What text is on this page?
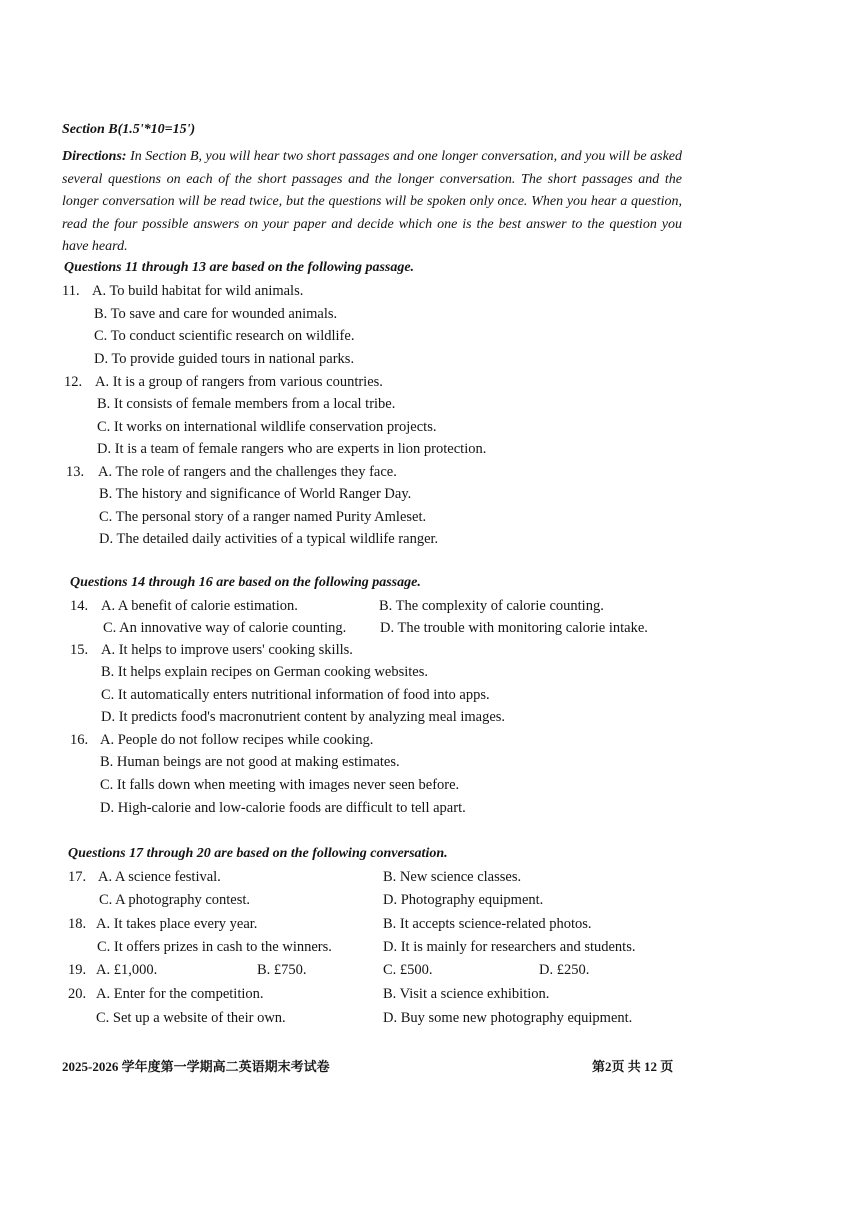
Section B(1.5'*10=15')
Directions: In Section B, you will hear two short passages and one longer conversation, and you will be asked several questions on each of the short passages and the longer conversation. The short passages and the longer conversation will be read twice, but the questions will be spoken only once. When you hear a question, read the four possible answers on your paper and decide which one is the best answer to the question you have heard.
Questions 11 through 13 are based on the following passage.
11. A. To build habitat for wild animals.
B. To save and care for wounded animals.
C. To conduct scientific research on wildlife.
D. To provide guided tours in national parks.
12. A. It is a group of rangers from various countries.
B. It consists of female members from a local tribe.
C. It works on international wildlife conservation projects.
D. It is a team of female rangers who are experts in lion protection.
13. A. The role of rangers and the challenges they face.
B. The history and significance of World Ranger Day.
C. The personal story of a ranger named Purity Amleset.
D. The detailed daily activities of a typical wildlife ranger.
Questions 14 through 16 are based on the following passage.
14. A. A benefit of calorie estimation.	B. The complexity of calorie counting.
C. An innovative way of calorie counting. D. The trouble with monitoring calorie intake.
15. A. It helps to improve users' cooking skills.
B. It helps explain recipes on German cooking websites.
C. It automatically enters nutritional information of food into apps.
D. It predicts food's macronutrient content by analyzing meal images.
16. A. People do not follow recipes while cooking.
B. Human beings are not good at making estimates.
C. It falls down when meeting with images never seen before.
D. High-calorie and low-calorie foods are difficult to tell apart.
Questions 17 through 20 are based on the following conversation.
17. A. A science festival.	B. New science classes.
C. A photography contest.	D. Photography equipment.
18. A. It takes place every year.	B. It accepts science-related photos.
C. It offers prizes in cash to the winners.	D. It is mainly for researchers and students.
19. A. £1,000.	B. £750.	C. £500.	D. £250.
20. A. Enter for the competition.	B. Visit a science exhibition.
C. Set up a website of their own.	D. Buy some new photography equipment.
2025-2026 学年度第一学期高二英语期末考试卷	第2页 共 12 页
